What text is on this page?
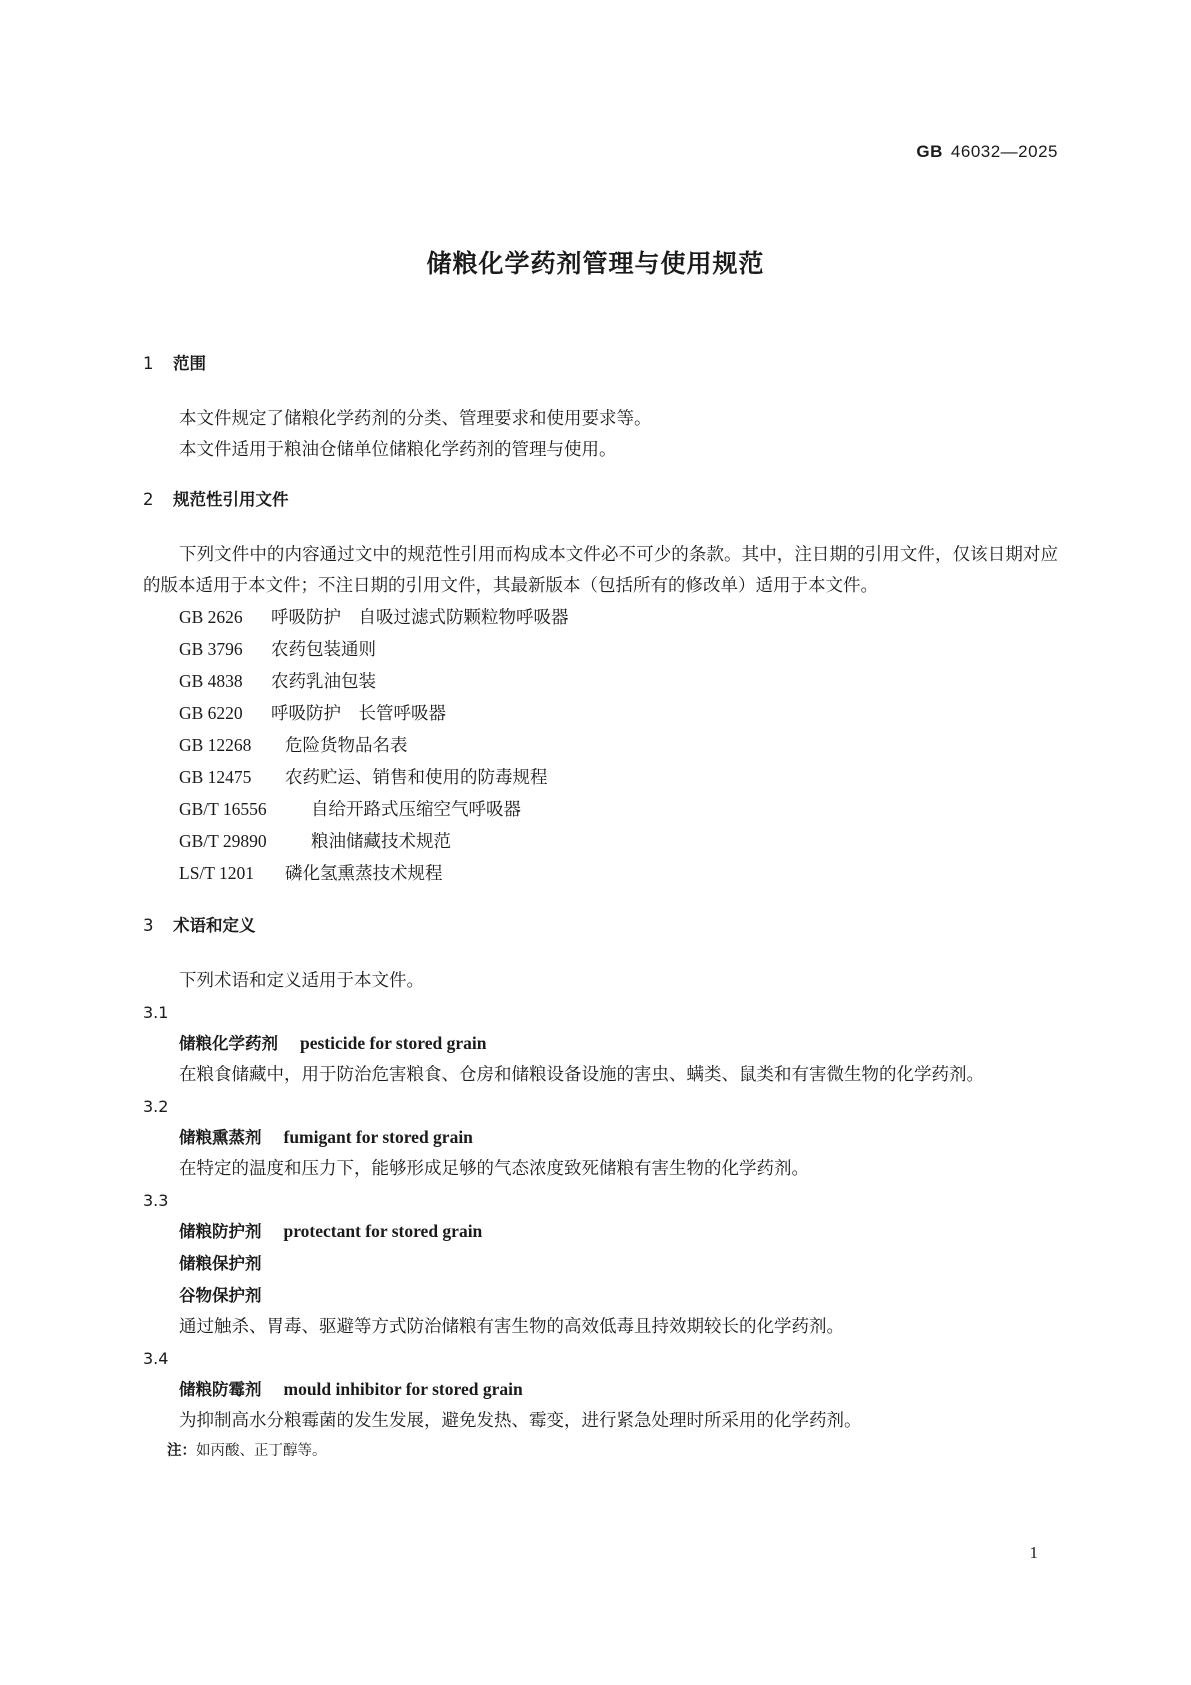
GB 46032—2025
储粮化学药剂管理与使用规范
1 范围
本文件规定了储粮化学药剂的分类、管理要求和使用要求等。
本文件适用于粮油仓储单位储粮化学药剂的管理与使用。
2 规范性引用文件
下列文件中的内容通过文中的规范性引用而构成本文件必不可少的条款。其中，注日期的引用文件，仅该日期对应的版本适用于本文件；不注日期的引用文件，其最新版本（包括所有的修改单）适用于本文件。
GB 2626 呼吸防护　自吸过滤式防颗粒物呼吸器
GB 3796 农药包装通则
GB 4838 农药乳油包装
GB 6220 呼吸防护　长管呼吸器
GB 12268 危险货物品名表
GB 12475 农药贮运、销售和使用的防毒规程
GB/T 16556	自给开路式压缩空气呼吸器
GB/T 29890	粮油储藏技术规范
LS/T 1201 磷化氢熏蒸技术规程
3 术语和定义
下列术语和定义适用于本文件。
3.1
储粮化学药剂 pesticide for stored grain
在粮食储藏中，用于防治危害粮食、仓房和储粮设备设施的害虫、螨类、鼠类和有害微生物的化学药剂。
3.2
储粮熏蒸剂 fumigant for stored grain
在特定的温度和压力下，能够形成足够的气态浓度致死储粮有害生物的化学药剂。
3.3
储粮防护剂 protectant for stored grain
储粮保护剂
谷物保护剂
通过触杀、胃毒、驱避等方式防治储粮有害生物的高效低毒且持效期较长的化学药剂。
3.4
储粮防霉剂 mould inhibitor for stored grain
为抑制高水分粮霉菌的发生发展，避免发热、霉变，进行紧急处理时所采用的化学药剂。
注：如丙酸、正丁醇等。
1
